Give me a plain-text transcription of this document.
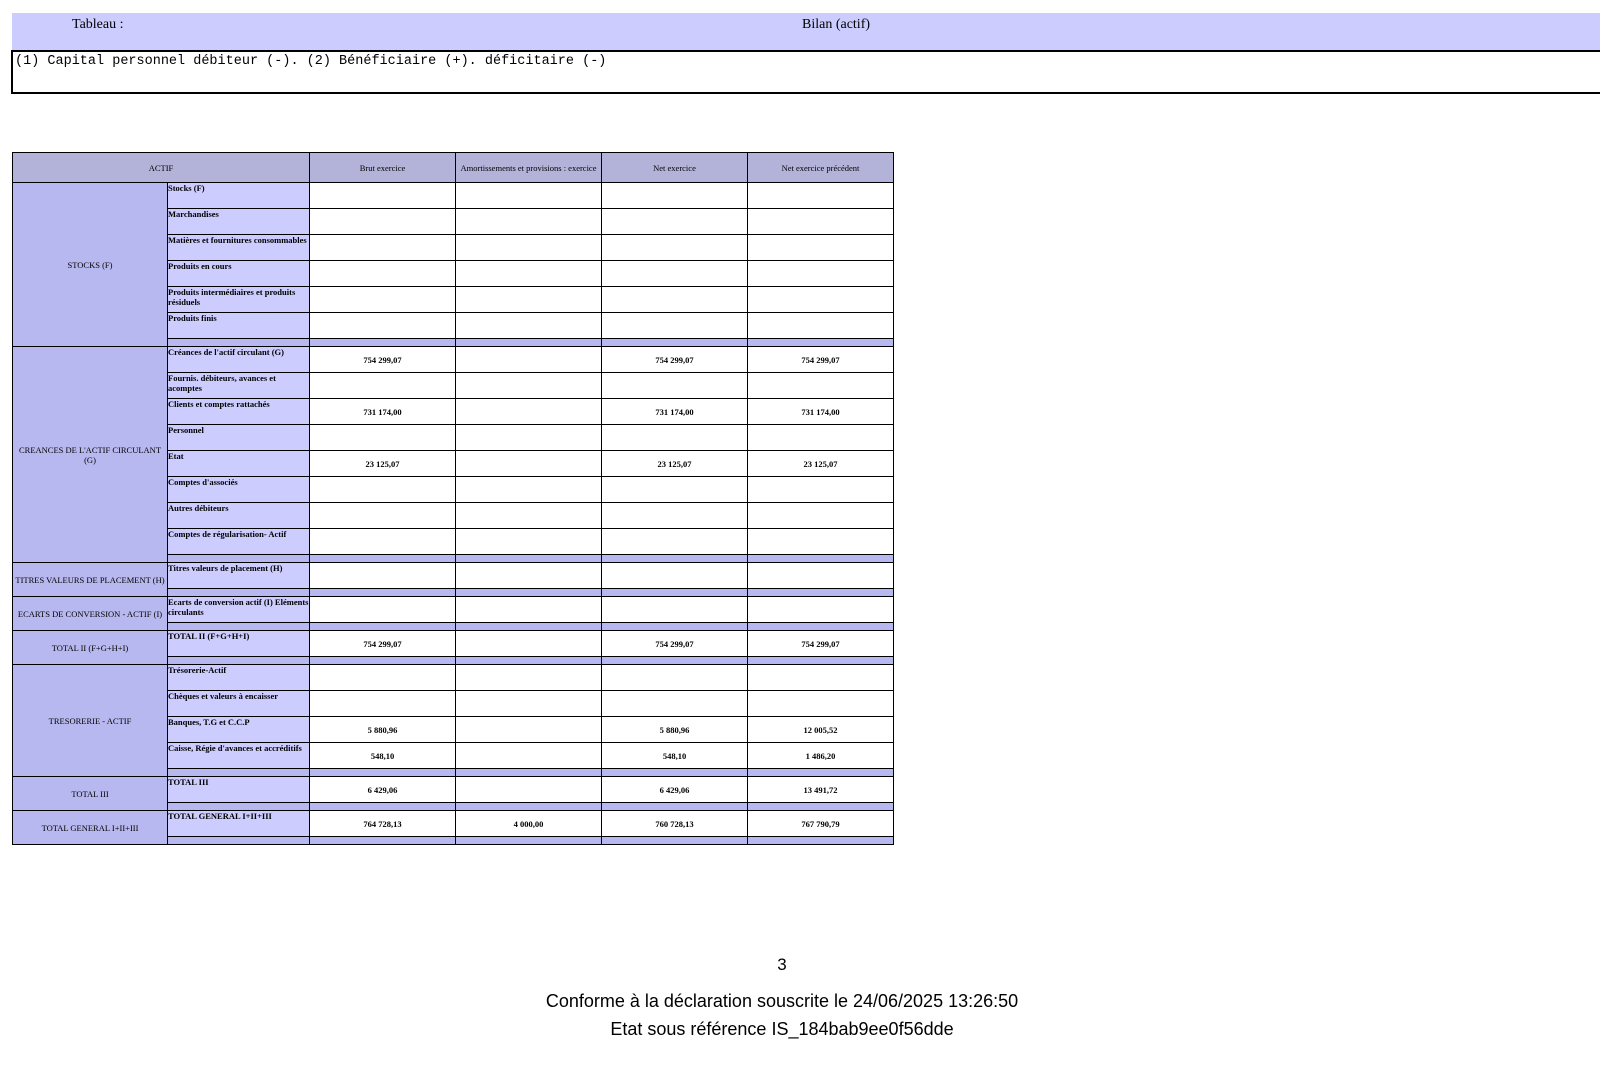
Tableau :	Bilan (actif)
(1) Capital personnel débiteur (-). (2) Bénéficiaire (+). déficitaire (-)
ACTIF		Brut exercice	Amortissements et provisions : exercice	Net exercice	Net exercice précédent
STOCKS (F)	Stocks (F)				
	Marchandises				
	Matières et fournitures consommables				
	Produits en cours				
	Produits intermédiaires et produits résiduels				
	Produits finis				

CREANCES DE L'ACTIF CIRCULANT (G)	Créances de l'actif circulant (G)	754 299,07		754 299,07	754 299,07
	Fournis. débiteurs, avances et acomptes				
	Clients et comptes rattachés	731 174,00		731 174,00	731 174,00
	Personnel				
	Etat	23 125,07		23 125,07	23 125,07
	Comptes d'associés				
	Autres débiteurs				
	Comptes de régularisation- Actif				

TITRES VALEURS DE PLACEMENT (H)	Titres valeurs de placement (H)				

ECARTS DE CONVERSION - ACTIF (I)	Ecarts de conversion actif (I) Eléments circulants				

TOTAL II (F+G+H+I)	TOTAL II (F+G+H+I)	754 299,07		754 299,07	754 299,07

TRESORERIE - ACTIF	Trésorerie-Actif				
	Chèques et valeurs à encaisser				
	Banques, T.G et C.C.P	5 880,96		5 880,96	12 005,52
	Caisse, Régie d'avances et accréditifs	548,10		548,10	1 486,20

TOTAL III	TOTAL III	6 429,06		6 429,06	13 491,72

TOTAL GENERAL I+II+III	TOTAL GENERAL I+II+III	764 728,13	4 000,00	760 728,13	767 790,79

3
Conforme à la déclaration souscrite le 24/06/2025 13:26:50
Etat sous référence IS_184bab9ee0f56dde
